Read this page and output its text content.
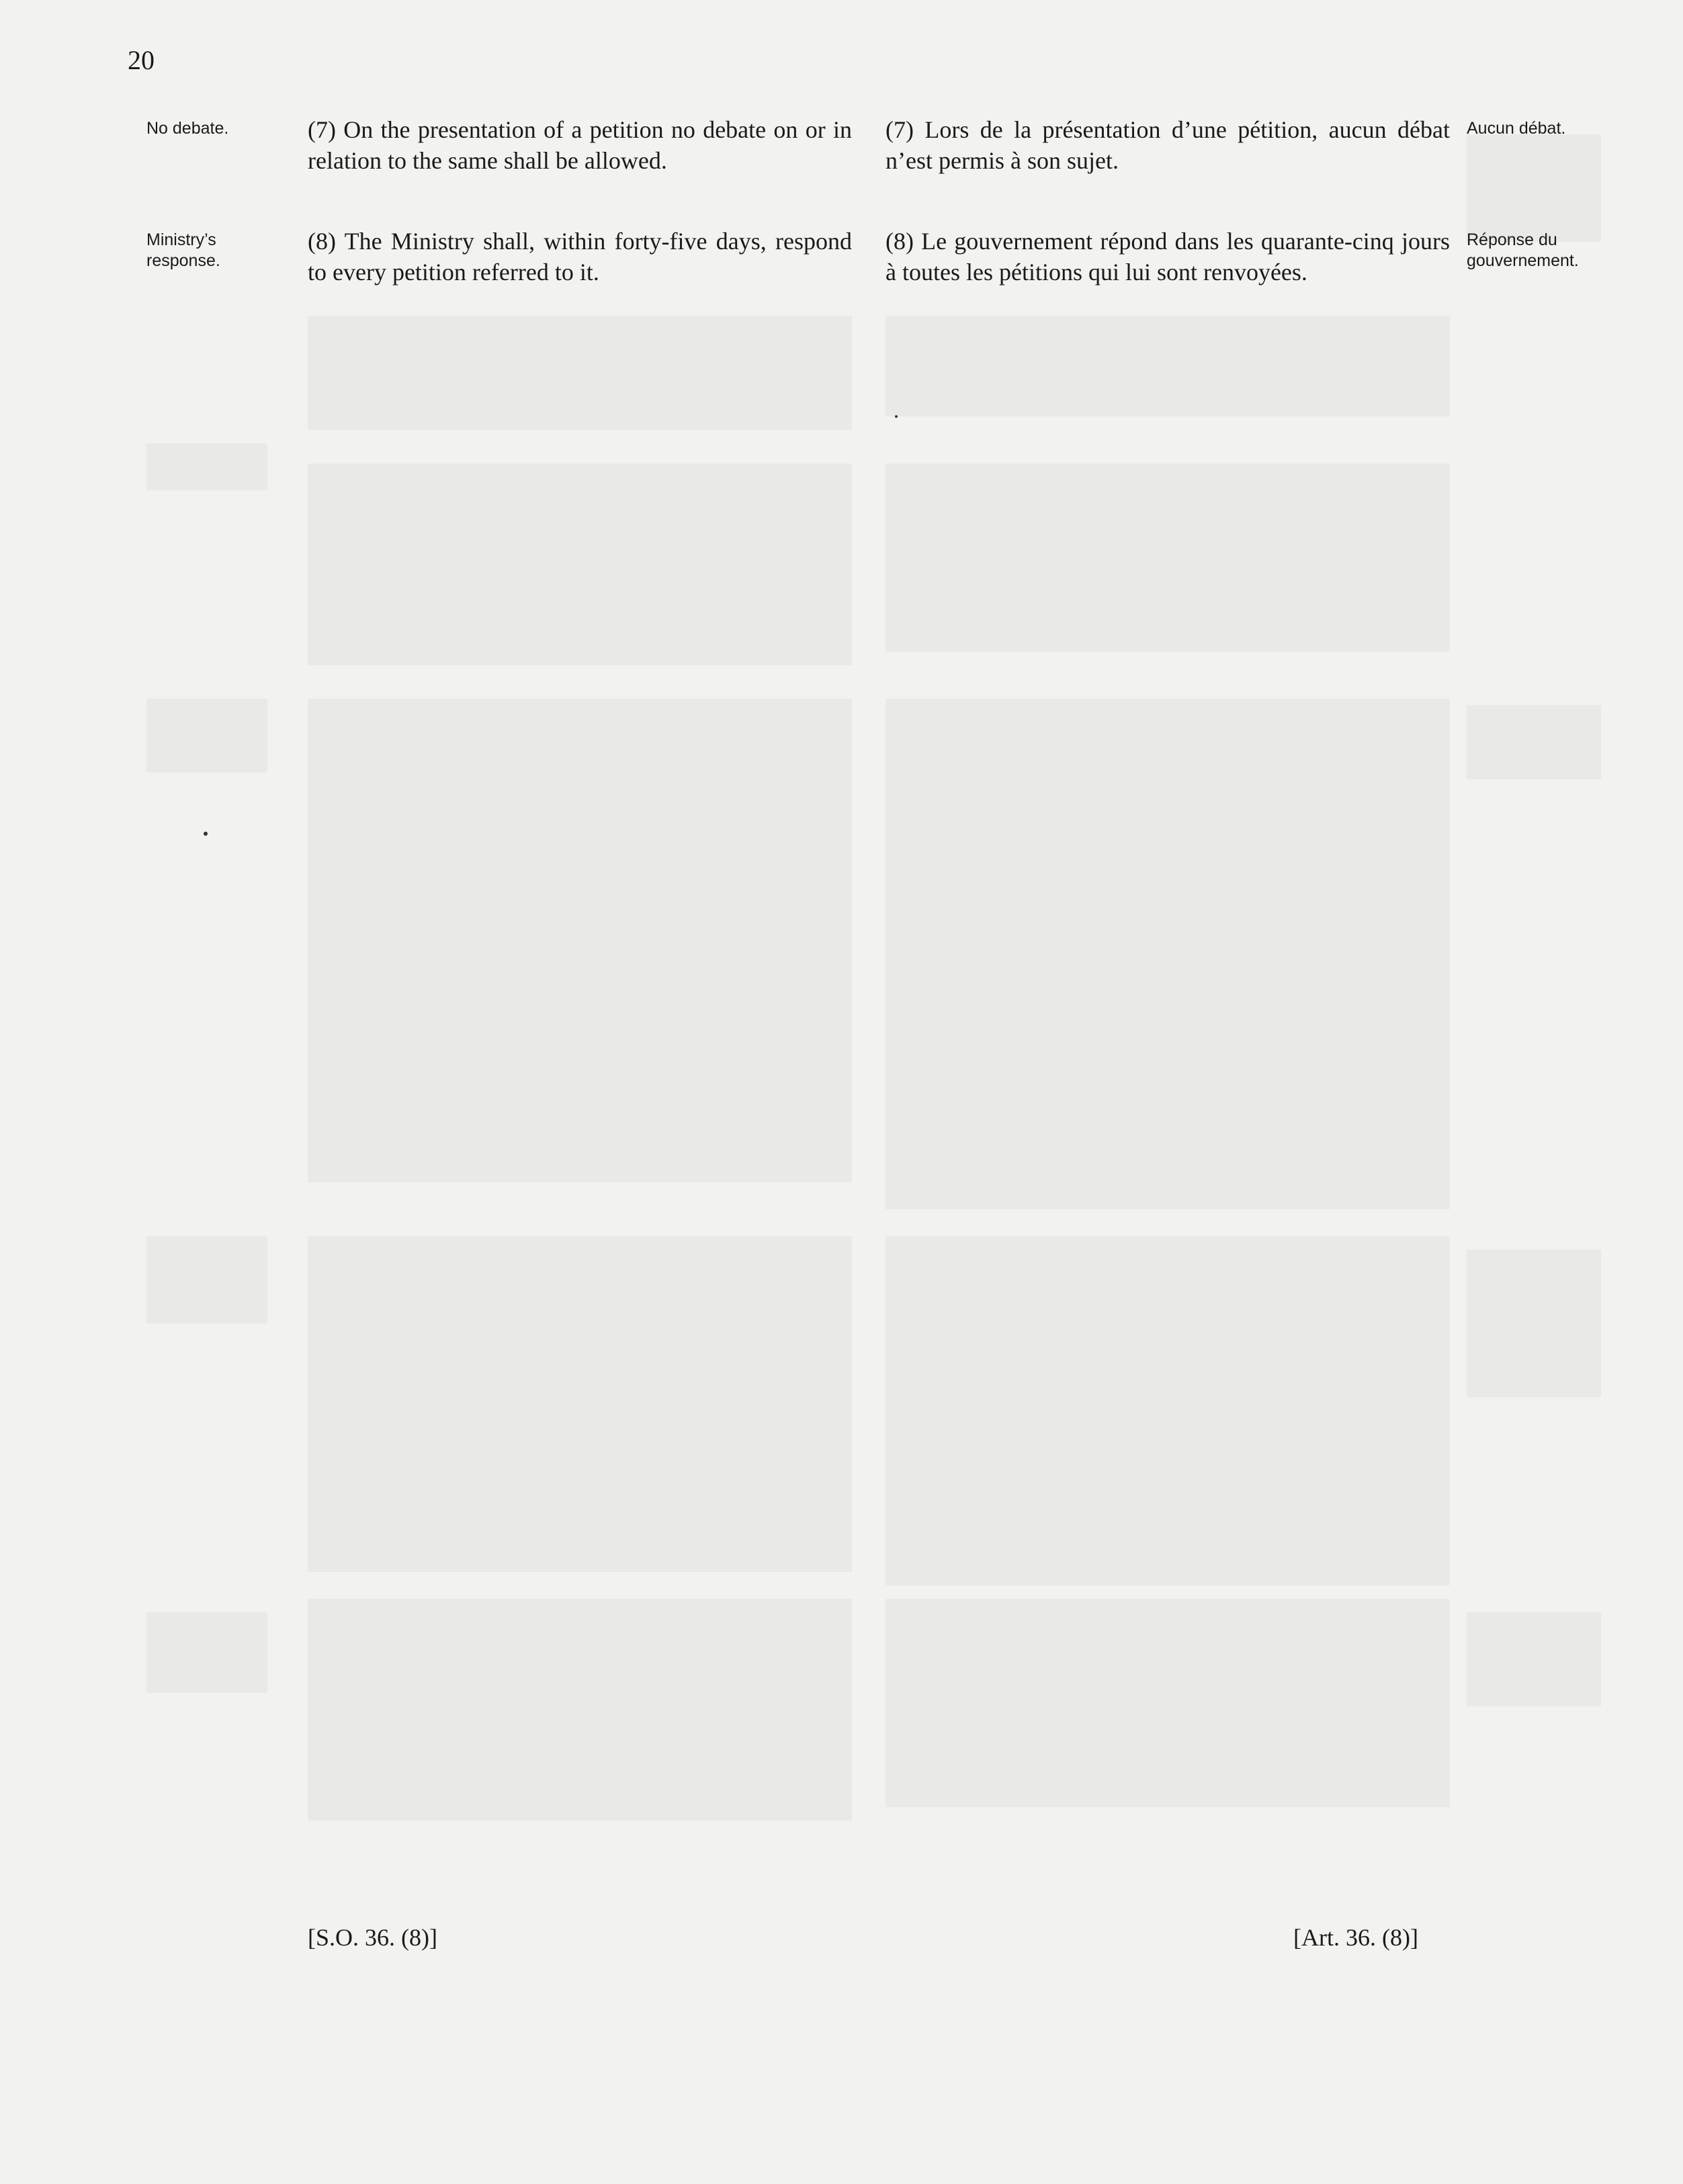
20
No debate.	(7) On the presentation of a petition no debate on or in relation to the same shall be allowed.

(7) Lors de la présentation d’une pétition, aucun débat n’est permis à son sujet.

Aucun débat.
Ministry’s response.

(8) The Ministry shall, within forty-five days, respond to every petition referred to it.

(8) Le gouvernement répond dans les quarante-cinq jours à toutes les pétitions qui lui sont renvoyées.

Réponse du gouvernement.
[S.O. 36. (8)]	[Art. 36. (8)]
